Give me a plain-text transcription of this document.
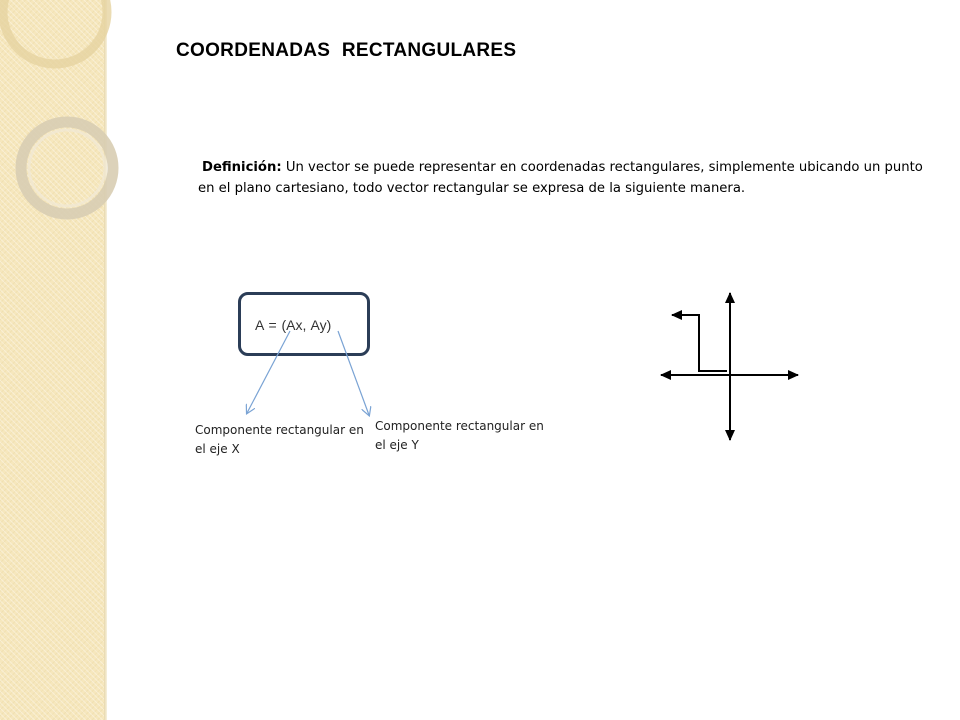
COORDENADAS RECTANGULARES

Definición: Un vector se puede representar en coordenadas rectangulares, simplemente ubicando un punto en el plano cartesiano, todo vector rectangular se expresa de la siguiente manera.

A = (Ax, Ay)

Componente rectangular en el eje X

Componente rectangular en el eje Y
